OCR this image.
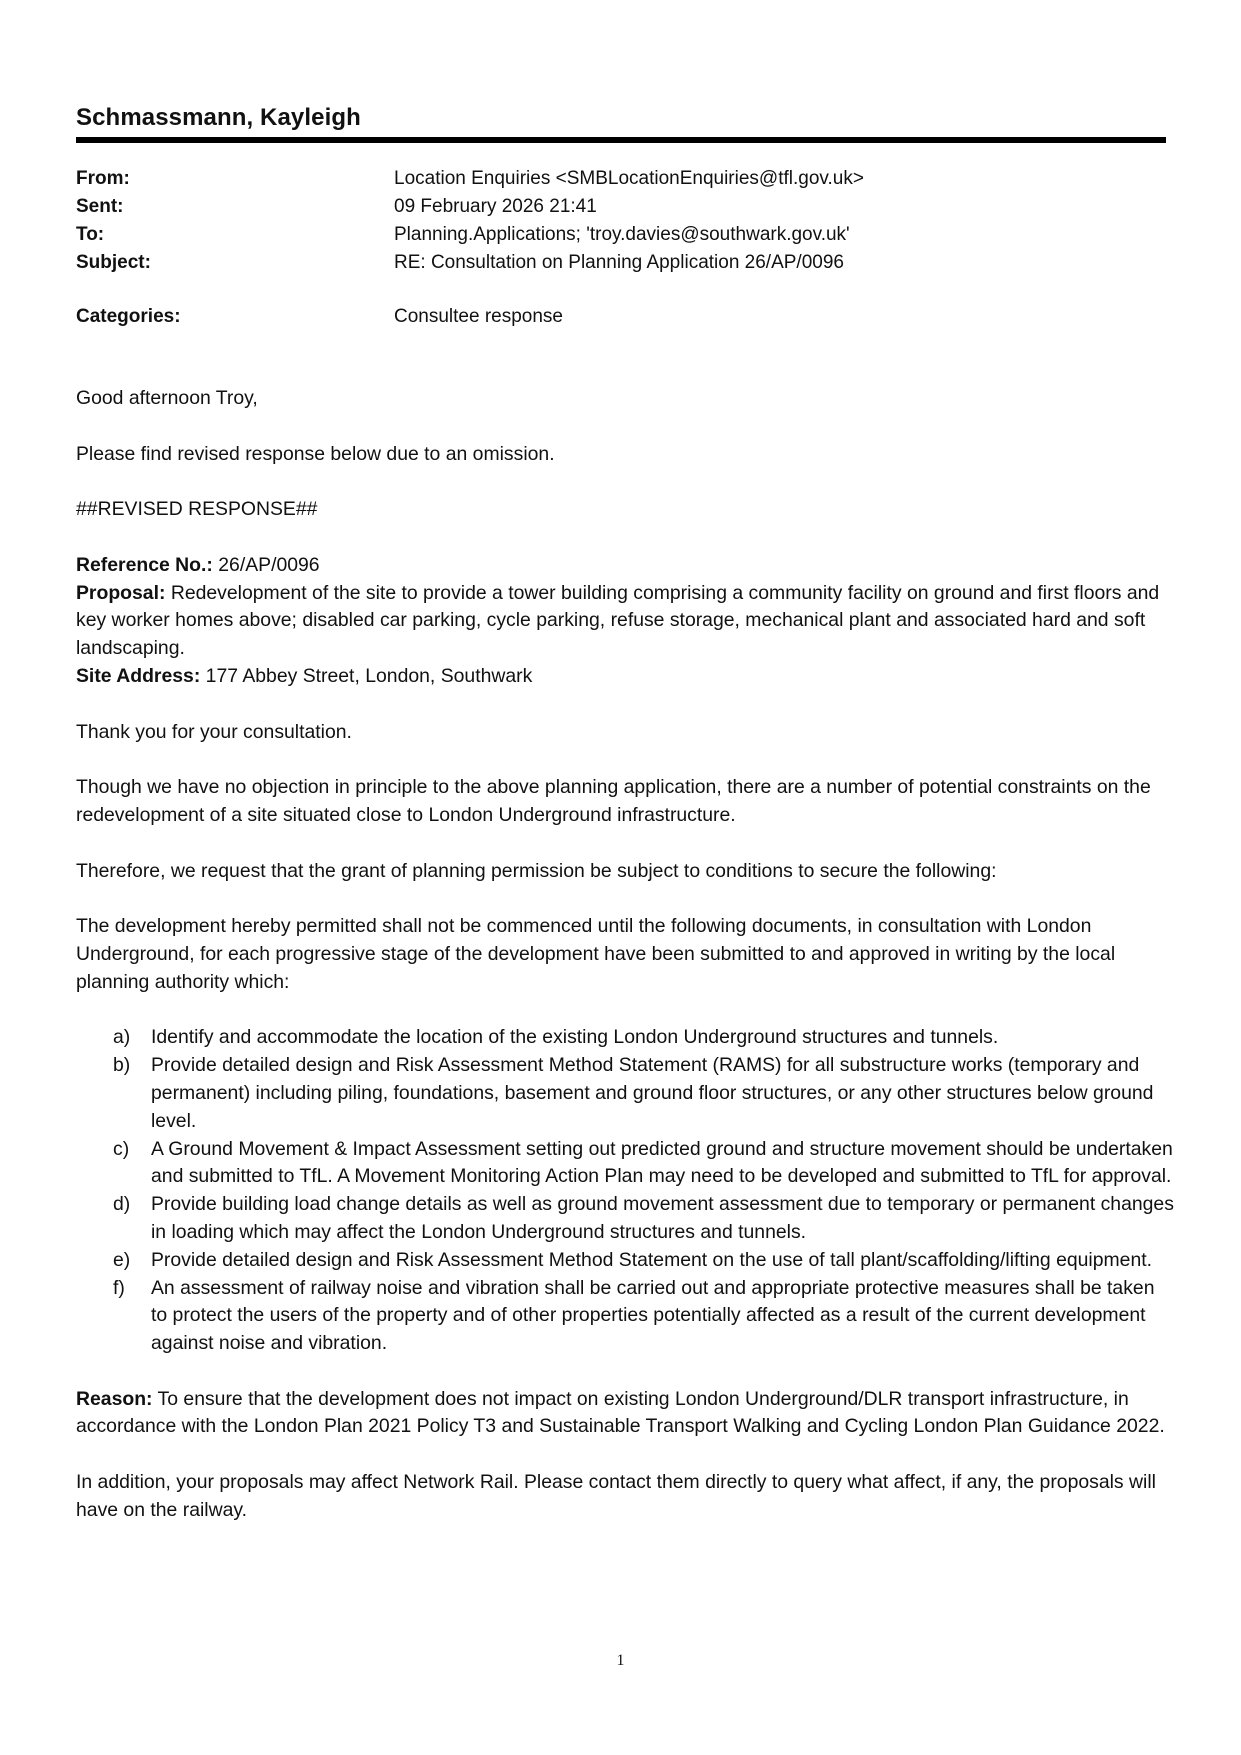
Schmassmann, Kayleigh
From:	Location Enquiries <SMBLocationEnquiries@tfl.gov.uk>
Sent:	09 February 2026 21:41
To:	Planning.Applications; 'troy.davies@southwark.gov.uk'
Subject:	RE: Consultation on Planning Application 26/AP/0096
Categories:	Consultee response

Good afternoon Troy,

Please find revised response below due to an omission.

##REVISED RESPONSE##

Reference No.: 26/AP/0096
Proposal: Redevelopment of the site to provide a tower building comprising a community facility on ground and first floors and key worker homes above; disabled car parking, cycle parking, refuse storage, mechanical plant and associated hard and soft landscaping.
Site Address: 177 Abbey Street, London, Southwark

Thank you for your consultation.

Though we have no objection in principle to the above planning application, there are a number of potential constraints on the redevelopment of a site situated close to London Underground infrastructure.

Therefore, we request that the grant of planning permission be subject to conditions to secure the following:

The development hereby permitted shall not be commenced until the following documents, in consultation with London Underground, for each progressive stage of the development have been submitted to and approved in writing by the local planning authority which:

a) Identify and accommodate the location of the existing London Underground structures and tunnels.
b) Provide detailed design and Risk Assessment Method Statement (RAMS) for all substructure works (temporary and permanent) including piling, foundations, basement and ground floor structures, or any other structures below ground level.
c) A Ground Movement & Impact Assessment setting out predicted ground and structure movement should be undertaken and submitted to TfL. A Movement Monitoring Action Plan may need to be developed and submitted to TfL for approval.
d) Provide building load change details as well as ground movement assessment due to temporary or permanent changes in loading which may affect the London Underground structures and tunnels.
e) Provide detailed design and Risk Assessment Method Statement on the use of tall plant/scaffolding/lifting equipment.
f) An assessment of railway noise and vibration shall be carried out and appropriate protective measures shall be taken to protect the users of the property and of other properties potentially affected as a result of the current development against noise and vibration.

Reason: To ensure that the development does not impact on existing London Underground/DLR transport infrastructure, in accordance with the London Plan 2021 Policy T3 and Sustainable Transport Walking and Cycling London Plan Guidance 2022.

In addition, your proposals may affect Network Rail. Please contact them directly to query what affect, if any, the proposals will have on the railway.

1
